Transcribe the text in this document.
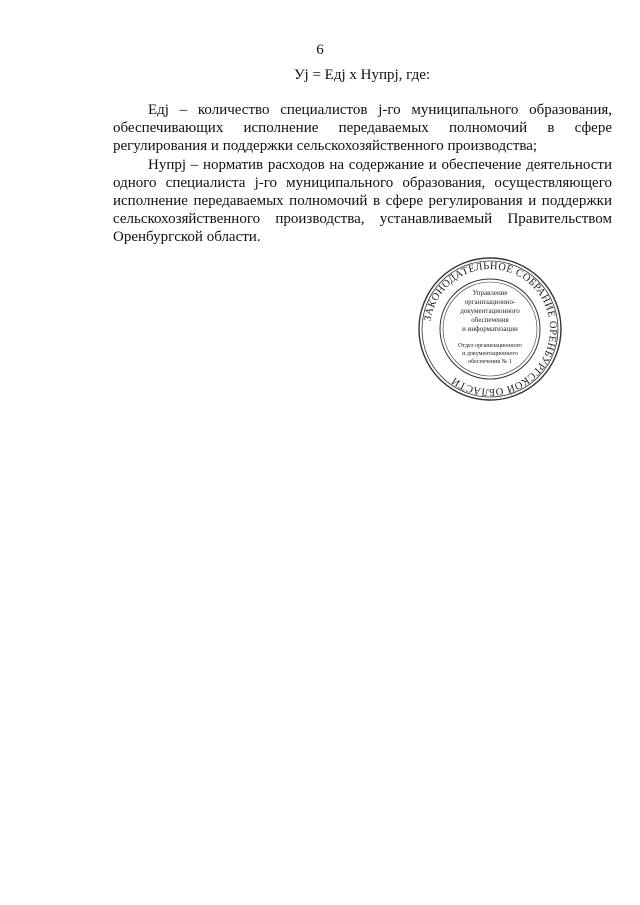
6
Уj = Едj х Нупрj, где:

Едj – количество специалистов j-го муниципального образования, обеспечивающих исполнение передаваемых полномочий в сфере регулирования и поддержки сельскохозяйственного производства;

Нупрj – норматив расходов на содержание и обеспечение деятельности одного специалиста j-го муниципального образования, осуществляющего исполнение передаваемых полномочий в сфере регулирования и поддержки сельскохозяйственного производства, устанавливаемый Правительством Оренбургской области.

ЗАКОНОДАТЕЛЬНОЕ СОБРАНИЕ ОРЕНБУРГСКОЙ ОБЛАСТИ
Управление
организационно-
документационного
обеспечения
и информатизации
Отдел организационного
и документационного
обеспечения № 1
